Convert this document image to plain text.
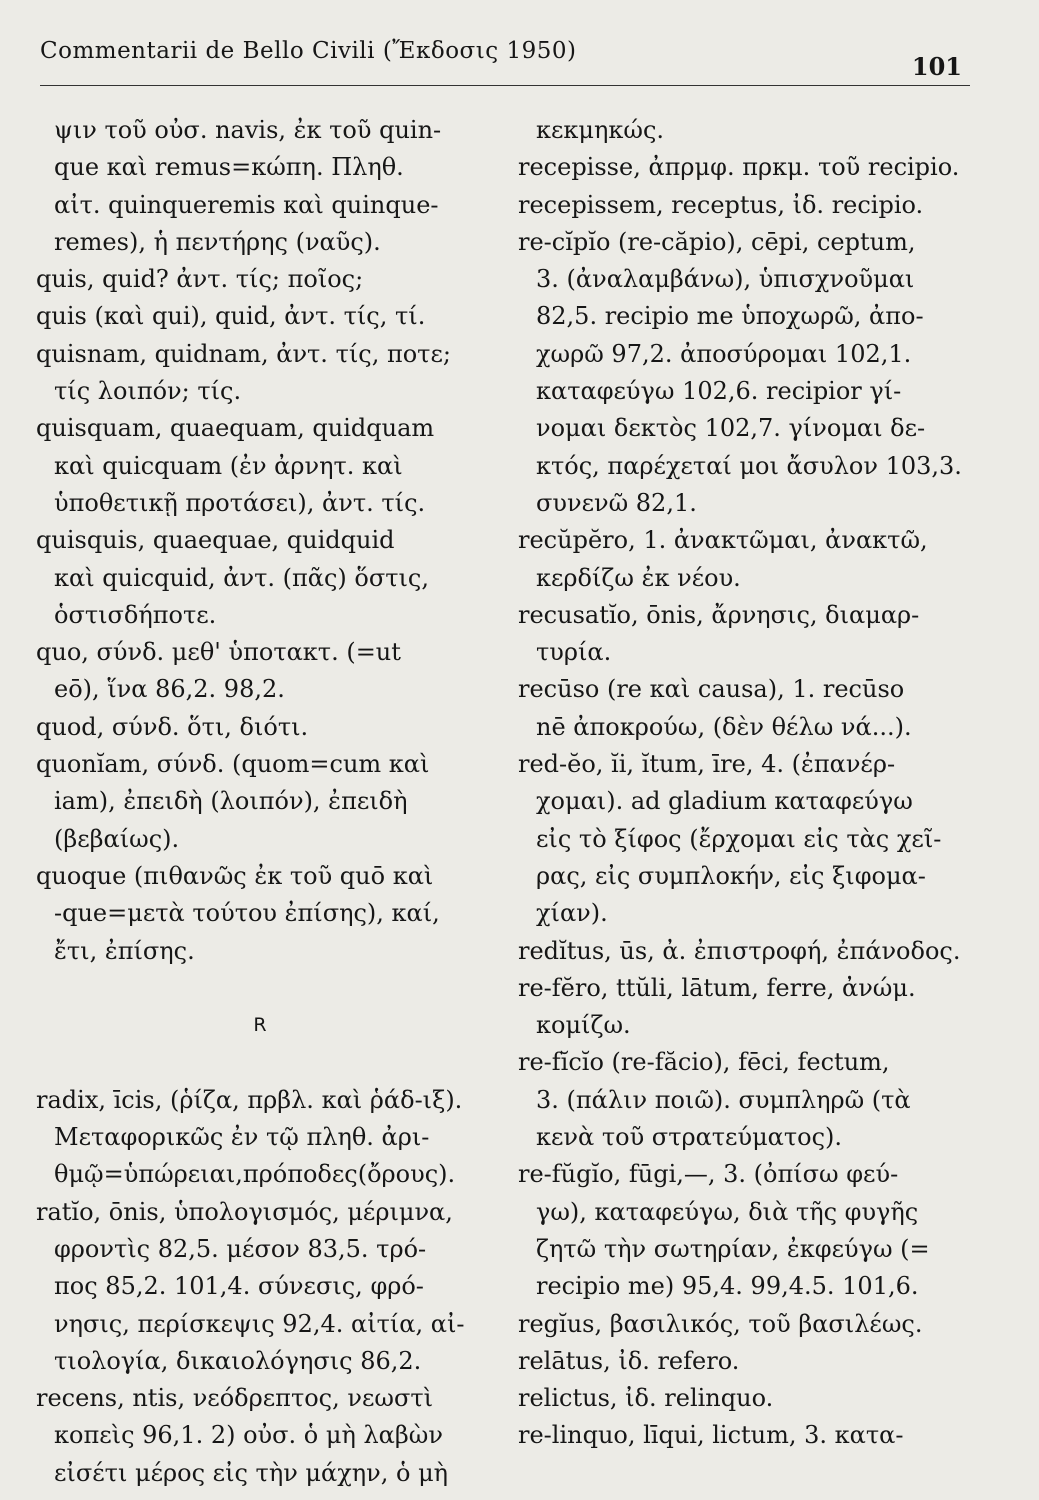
Commentarii de Bello Civili (Ἔκδοσις 1950)
101
ψιν τοῦ οὐσ. navis, ἐκ τοῦ quin-
que καὶ remus=κώπη. Πληθ.
αἰτ. quinqueremis καὶ quinque-
remes), ἡ πεντήρης (ναῦς).
quis, quid? ἀντ. τίς; ποῖος;
quis (καὶ qui), quid, ἀντ. τίς, τί.
quisnam, quidnam, ἀντ. τίς, ποτε;
τίς λοιπόν; τίς.
quisquam, quaequam, quidquam
καὶ quicquam (ἐν ἀρνητ. καὶ
ὑποθετικῇ προτάσει), ἀντ. τίς.
quisquis, quaequae, quidquid
καὶ quicquid, ἀντ. (πᾶς) ὅστις,
ὁστισδήποτε.
quo, σύνδ. μεθ' ὑποτακτ. (=ut
eō), ἵνα 86,2. 98,2.
quod, σύνδ. ὅτι, διότι.
quonĭam, σύνδ. (quom=cum καὶ
iam), ἐπειδὴ (λοιπόν), ἐπειδὴ
(βεβαίως).
quoque (πιθανῶς ἐκ τοῦ quō καὶ
-que=μετὰ τούτου ἐπίσης), καί,
ἔτι, ἐπίσης.
R
radix, īcis, (ῥίζα, πρβλ. καὶ ῥάδ-ιξ).
Μεταφορικῶς ἐν τῷ πληθ. ἀρι-
θμῷ=ὑπώρειαι,πρόποδες(ὄρους).
ratĭo, ōnis, ὑπολογισμός, μέριμνα,
φροντὶς 82,5. μέσον 83,5. τρό-
πος 85,2. 101,4. σύνεσις, φρό-
νησις, περίσκεψις 92,4. αἰτία, αἰ-
τιολογία, δικαιολόγησις 86,2.
recens, ntis, νεόδρεπτος, νεωστὶ
κοπεὶς 96,1. 2) οὐσ. ὁ μὴ λαβὼν
εἰσέτι μέρος εἰς τὴν μάχην, ὁ μὴ
κεκμηκώς.
recepisse, ἀπρμφ. πρκμ. τοῦ recipio.
recepissem, receptus, ἰδ. recipio.
re-cĭpĭo (re-căpio), cēpi, ceptum,
3. (ἀναλαμβάνω), ὑπισχνοῦμαι
82,5. recipio me ὑποχωρῶ, ἀπο-
χωρῶ 97,2. ἀποσύρομαι 102,1.
καταφεύγω 102,6. recipior γί-
νομαι δεκτὸς 102,7. γίνομαι δε-
κτός, παρέχεταί μοι ἄσυλον 103,3.
συνενῶ 82,1.
recŭpĕro, 1. ἀνακτῶμαι, ἀνακτῶ,
κερδίζω ἐκ νέου.
recusatĭo, ōnis, ἄρνησις, διαμαρ-
τυρία.
recūso (re καὶ causa), 1. recūso
nē ἀποκρούω, (δὲν θέλω νά...).
red-ĕo, ĭi, ĭtum, īre, 4. (ἐπανέρ-
χομαι). ad gladium καταφεύγω
εἰς τὸ ξίφος (ἔρχομαι εἰς τὰς χεῖ-
ρας, εἰς συμπλοκήν, εἰς ξιφομα-
χίαν).
redĭtus, ūs, ἀ. ἐπιστροφή, ἐπάνοδος.
re-fĕro, ttŭli, lātum, ferre, ἀνώμ.
κομίζω.
re-fĭcĭo (re-făcio), fēci, fectum,
3. (πάλιν ποιῶ). συμπληρῶ (τὰ
κενὰ τοῦ στρατεύματος).
re-fŭgĭo, fūgi,—, 3. (ὀπίσω φεύ-
γω), καταφεύγω, διὰ τῆς φυγῆς
ζητῶ τὴν σωτηρίαν, ἐκφεύγω (=
recipio me) 95,4. 99,4.5. 101,6.
regĭus, βασιλικός, τοῦ βασιλέως.
relātus, ἰδ. refero.
relictus, ἰδ. relinquo.
re-linquo, līqui, lictum, 3. κατα-
